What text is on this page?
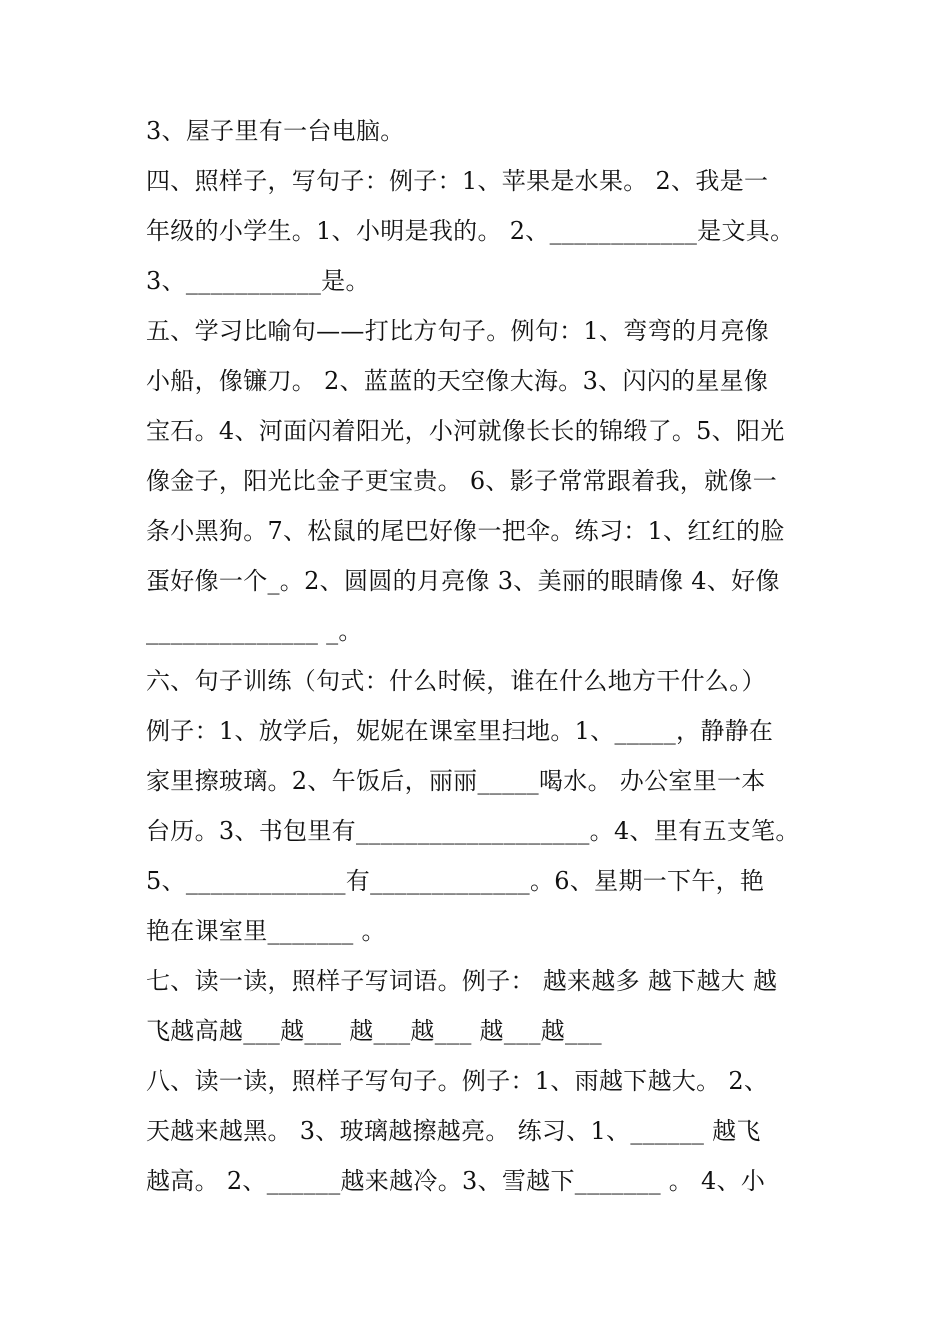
3、屋子里有一台电脑。
四、照样子，写句子：例子：1、苹果是水果。 2、我是一
年级的小学生。1、小明是我的。 2、____________是文具。
3、___________是。
五、学习比喻句——打比方句子。例句：1、弯弯的月亮像
小船，像镰刀。 2、蓝蓝的天空像大海。3、闪闪的星星像
宝石。4、河面闪着阳光，小河就像长长的锦缎了。5、阳光
像金子，阳光比金子更宝贵。 6、影子常常跟着我，就像一
条小黑狗。7、松鼠的尾巴好像一把伞。练习：1、红红的脸
蛋好像一个_。2、圆圆的月亮像 3、美丽的眼睛像 4、好像
______________ _。
六、句子训练（句式：什么时候，谁在什么地方干什么。）
例子：1、放学后，妮妮在课室里扫地。1、_____，静静在
家里擦玻璃。2、午饭后，丽丽_____喝水。 办公室里一本
台历。3、书包里有___________________。4、里有五支笔。
5、_____________有_____________。6、星期一下午，艳
艳在课室里_______ 。
七、读一读，照样子写词语。例子： 越来越多 越下越大 越
飞越高越___越___ 越___越___ 越___越___
八、读一读，照样子写句子。例子：1、雨越下越大。 2、
天越来越黑。 3、玻璃越擦越亮。 练习、1、______ 越飞
越高。 2、______越来越冷。3、雪越下_______ 。 4、小
